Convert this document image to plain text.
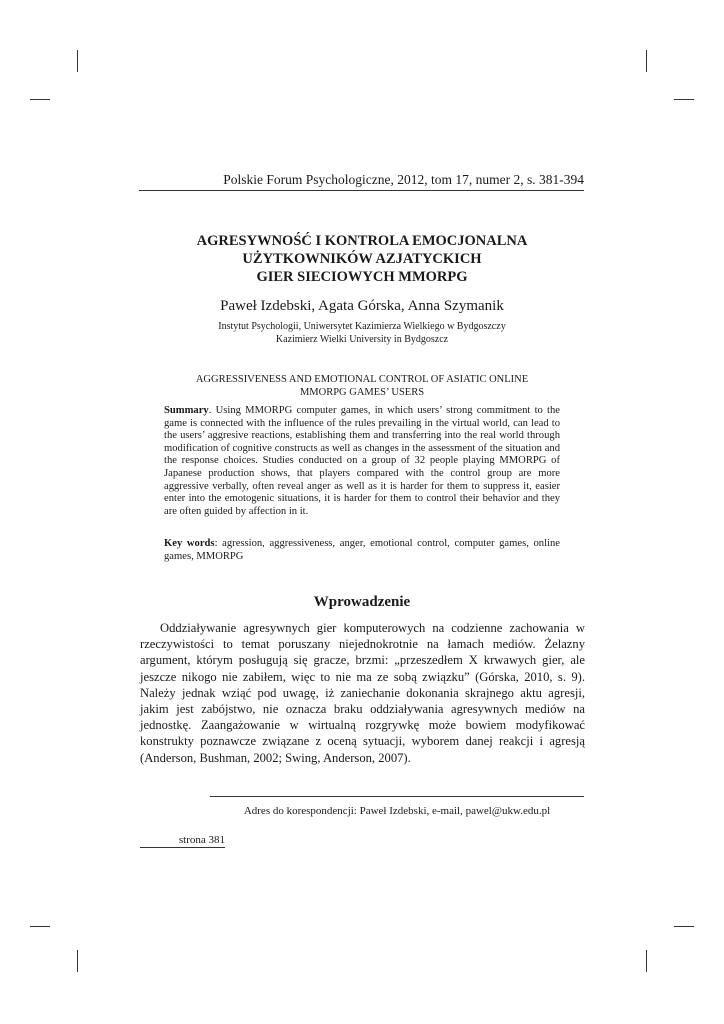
Polskie Forum Psychologiczne, 2012, tom 17, numer 2, s. 381-394
AGRESYWNOŚĆ I KONTROLA EMOCJONALNA
UŻYTKOWNIKÓW AZJATYCKICH
GIER SIECIOWYCH MMORPG
Paweł Izdebski, Agata Górska, Anna Szymanik
Instytut Psychologii, Uniwersytet Kazimierza Wielkiego w Bydgoszczy
Kazimierz Wielki University in Bydgoszcz
AGGRESSIVENESS AND EMOTIONAL CONTROL OF ASIATIC ONLINE
MMORPG GAMES’ USERS
Summary. Using MMORPG computer games, in which users’ strong commitment to the game is connected with the influence of the rules prevailing in the virtual world, can lead to the users’ aggresive reactions, establishing them and transferring into the real world through modification of cognitive constructs as well as changes in the assessment of the situation and the response choices. Studies conducted on a group of 32 people playing MMORPG of Japanese production shows, that players compared with the control group are more aggressive verbally, often reveal anger as well as it is harder for them to suppress it, easier enter into the emotogenic situations, it is harder for them to control their behavior and they are often guided by affection in it.
Key words: agression, aggressiveness, anger, emotional control, computer games, online games, MMORPG
Wprowadzenie
Oddziaływanie agresywnych gier komputerowych na codzienne zachowania w rzeczywistości to temat poruszany niejednokrotnie na łamach mediów. Żelazny argument, którym posługują się gracze, brzmi: „przeszedłem X krwawych gier, ale jeszcze nikogo nie zabiłem, więc to nie ma ze sobą związku” (Górska, 2010, s. 9). Należy jednak wziąć pod uwagę, iż zaniechanie dokonania skrajnego aktu agresji, jakim jest zabójstwo, nie oznacza braku oddziaływania agresywnych mediów na jednostkę. Zaangażowanie w wirtualną rozgrywkę może bowiem modyfikować konstrukty poznawcze związane z oceną sytuacji, wyborem danej reakcji i agresją (Anderson, Bushman, 2002; Swing, Anderson, 2007).
Adres do korespondencji: Paweł Izdebski, e-mail, pawel@ukw.edu.pl
strona 381
